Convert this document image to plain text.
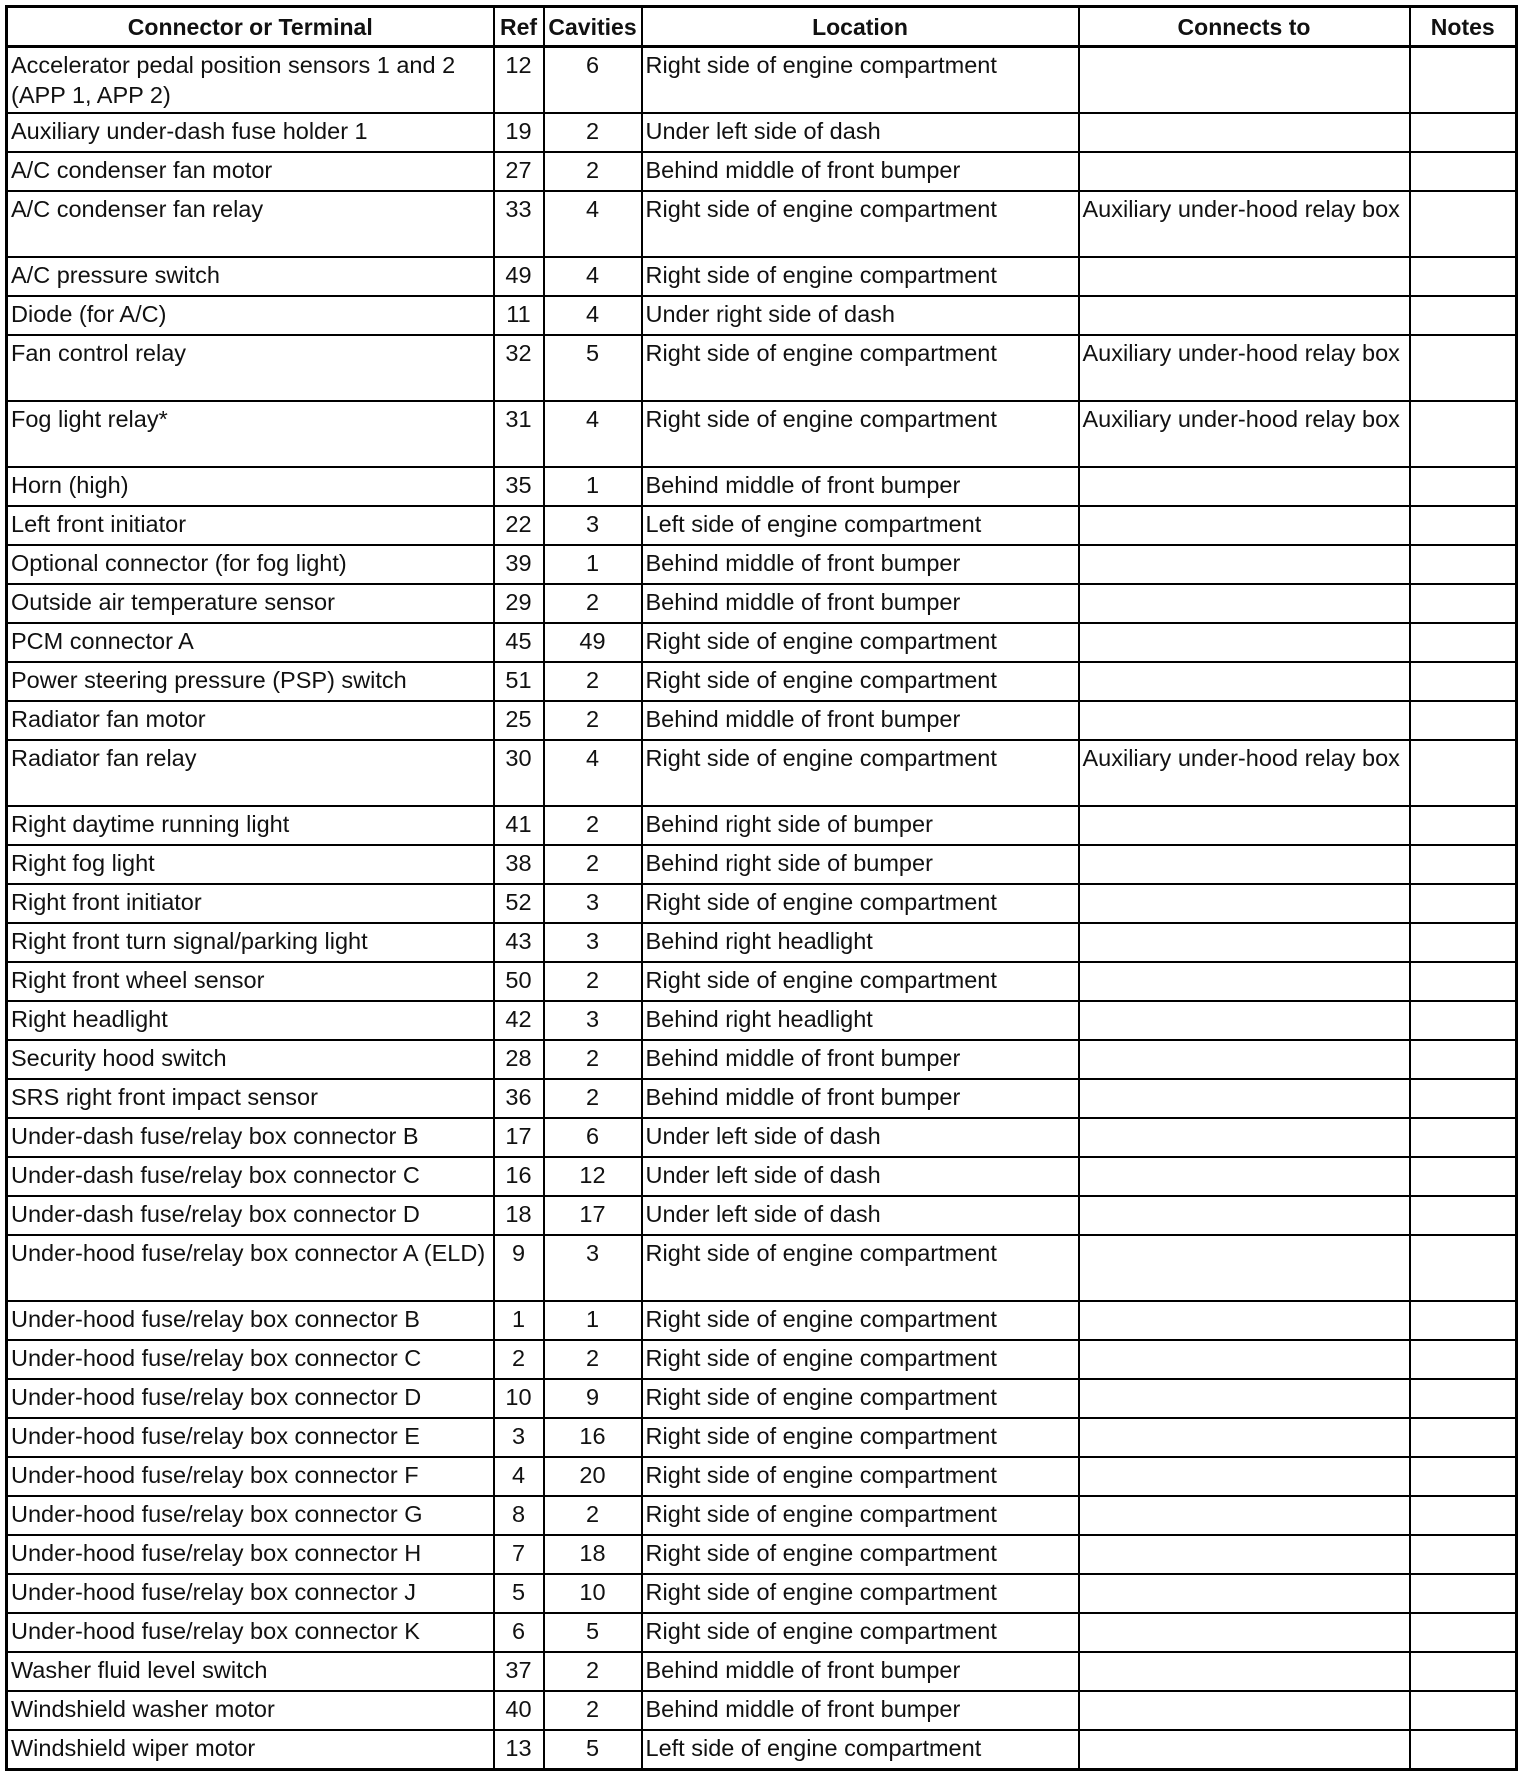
Connector or Terminal	Ref	Cavities	Location	Connects to	Notes
Accelerator pedal position sensors 1 and 2 (APP 1, APP 2)	12	6	Right side of engine compartment		
Auxiliary under-dash fuse holder 1	19	2	Under left side of dash		
A/C condenser fan motor	27	2	Behind middle of front bumper		
A/C condenser fan relay	33	4	Right side of engine compartment	Auxiliary under-hood relay box	
A/C pressure switch	49	4	Right side of engine compartment		
Diode (for A/C)	11	4	Under right side of dash		
Fan control relay	32	5	Right side of engine compartment	Auxiliary under-hood relay box	
Fog light relay*	31	4	Right side of engine compartment	Auxiliary under-hood relay box	
Horn (high)	35	1	Behind middle of front bumper		
Left front initiator	22	3	Left side of engine compartment		
Optional connector (for fog light)	39	1	Behind middle of front bumper		
Outside air temperature sensor	29	2	Behind middle of front bumper		
PCM connector A	45	49	Right side of engine compartment		
Power steering pressure (PSP) switch	51	2	Right side of engine compartment		
Radiator fan motor	25	2	Behind middle of front bumper		
Radiator fan relay	30	4	Right side of engine compartment	Auxiliary under-hood relay box	
Right daytime running light	41	2	Behind right side of bumper		
Right fog light	38	2	Behind right side of bumper		
Right front initiator	52	3	Right side of engine compartment		
Right front turn signal/parking light	43	3	Behind right headlight		
Right front wheel sensor	50	2	Right side of engine compartment		
Right headlight	42	3	Behind right headlight		
Security hood switch	28	2	Behind middle of front bumper		
SRS right front impact sensor	36	2	Behind middle of front bumper		
Under-dash fuse/relay box connector B	17	6	Under left side of dash		
Under-dash fuse/relay box connector C	16	12	Under left side of dash		
Under-dash fuse/relay box connector D	18	17	Under left side of dash		
Under-hood fuse/relay box connector A (ELD)	9	3	Right side of engine compartment		
Under-hood fuse/relay box connector B	1	1	Right side of engine compartment		
Under-hood fuse/relay box connector C	2	2	Right side of engine compartment		
Under-hood fuse/relay box connector D	10	9	Right side of engine compartment		
Under-hood fuse/relay box connector E	3	16	Right side of engine compartment		
Under-hood fuse/relay box connector F	4	20	Right side of engine compartment		
Under-hood fuse/relay box connector G	8	2	Right side of engine compartment		
Under-hood fuse/relay box connector H	7	18	Right side of engine compartment		
Under-hood fuse/relay box connector J	5	10	Right side of engine compartment		
Under-hood fuse/relay box connector K	6	5	Right side of engine compartment		
Washer fluid level switch	37	2	Behind middle of front bumper		
Windshield washer motor	40	2	Behind middle of front bumper		
Windshield wiper motor	13	5	Left side of engine compartment		
